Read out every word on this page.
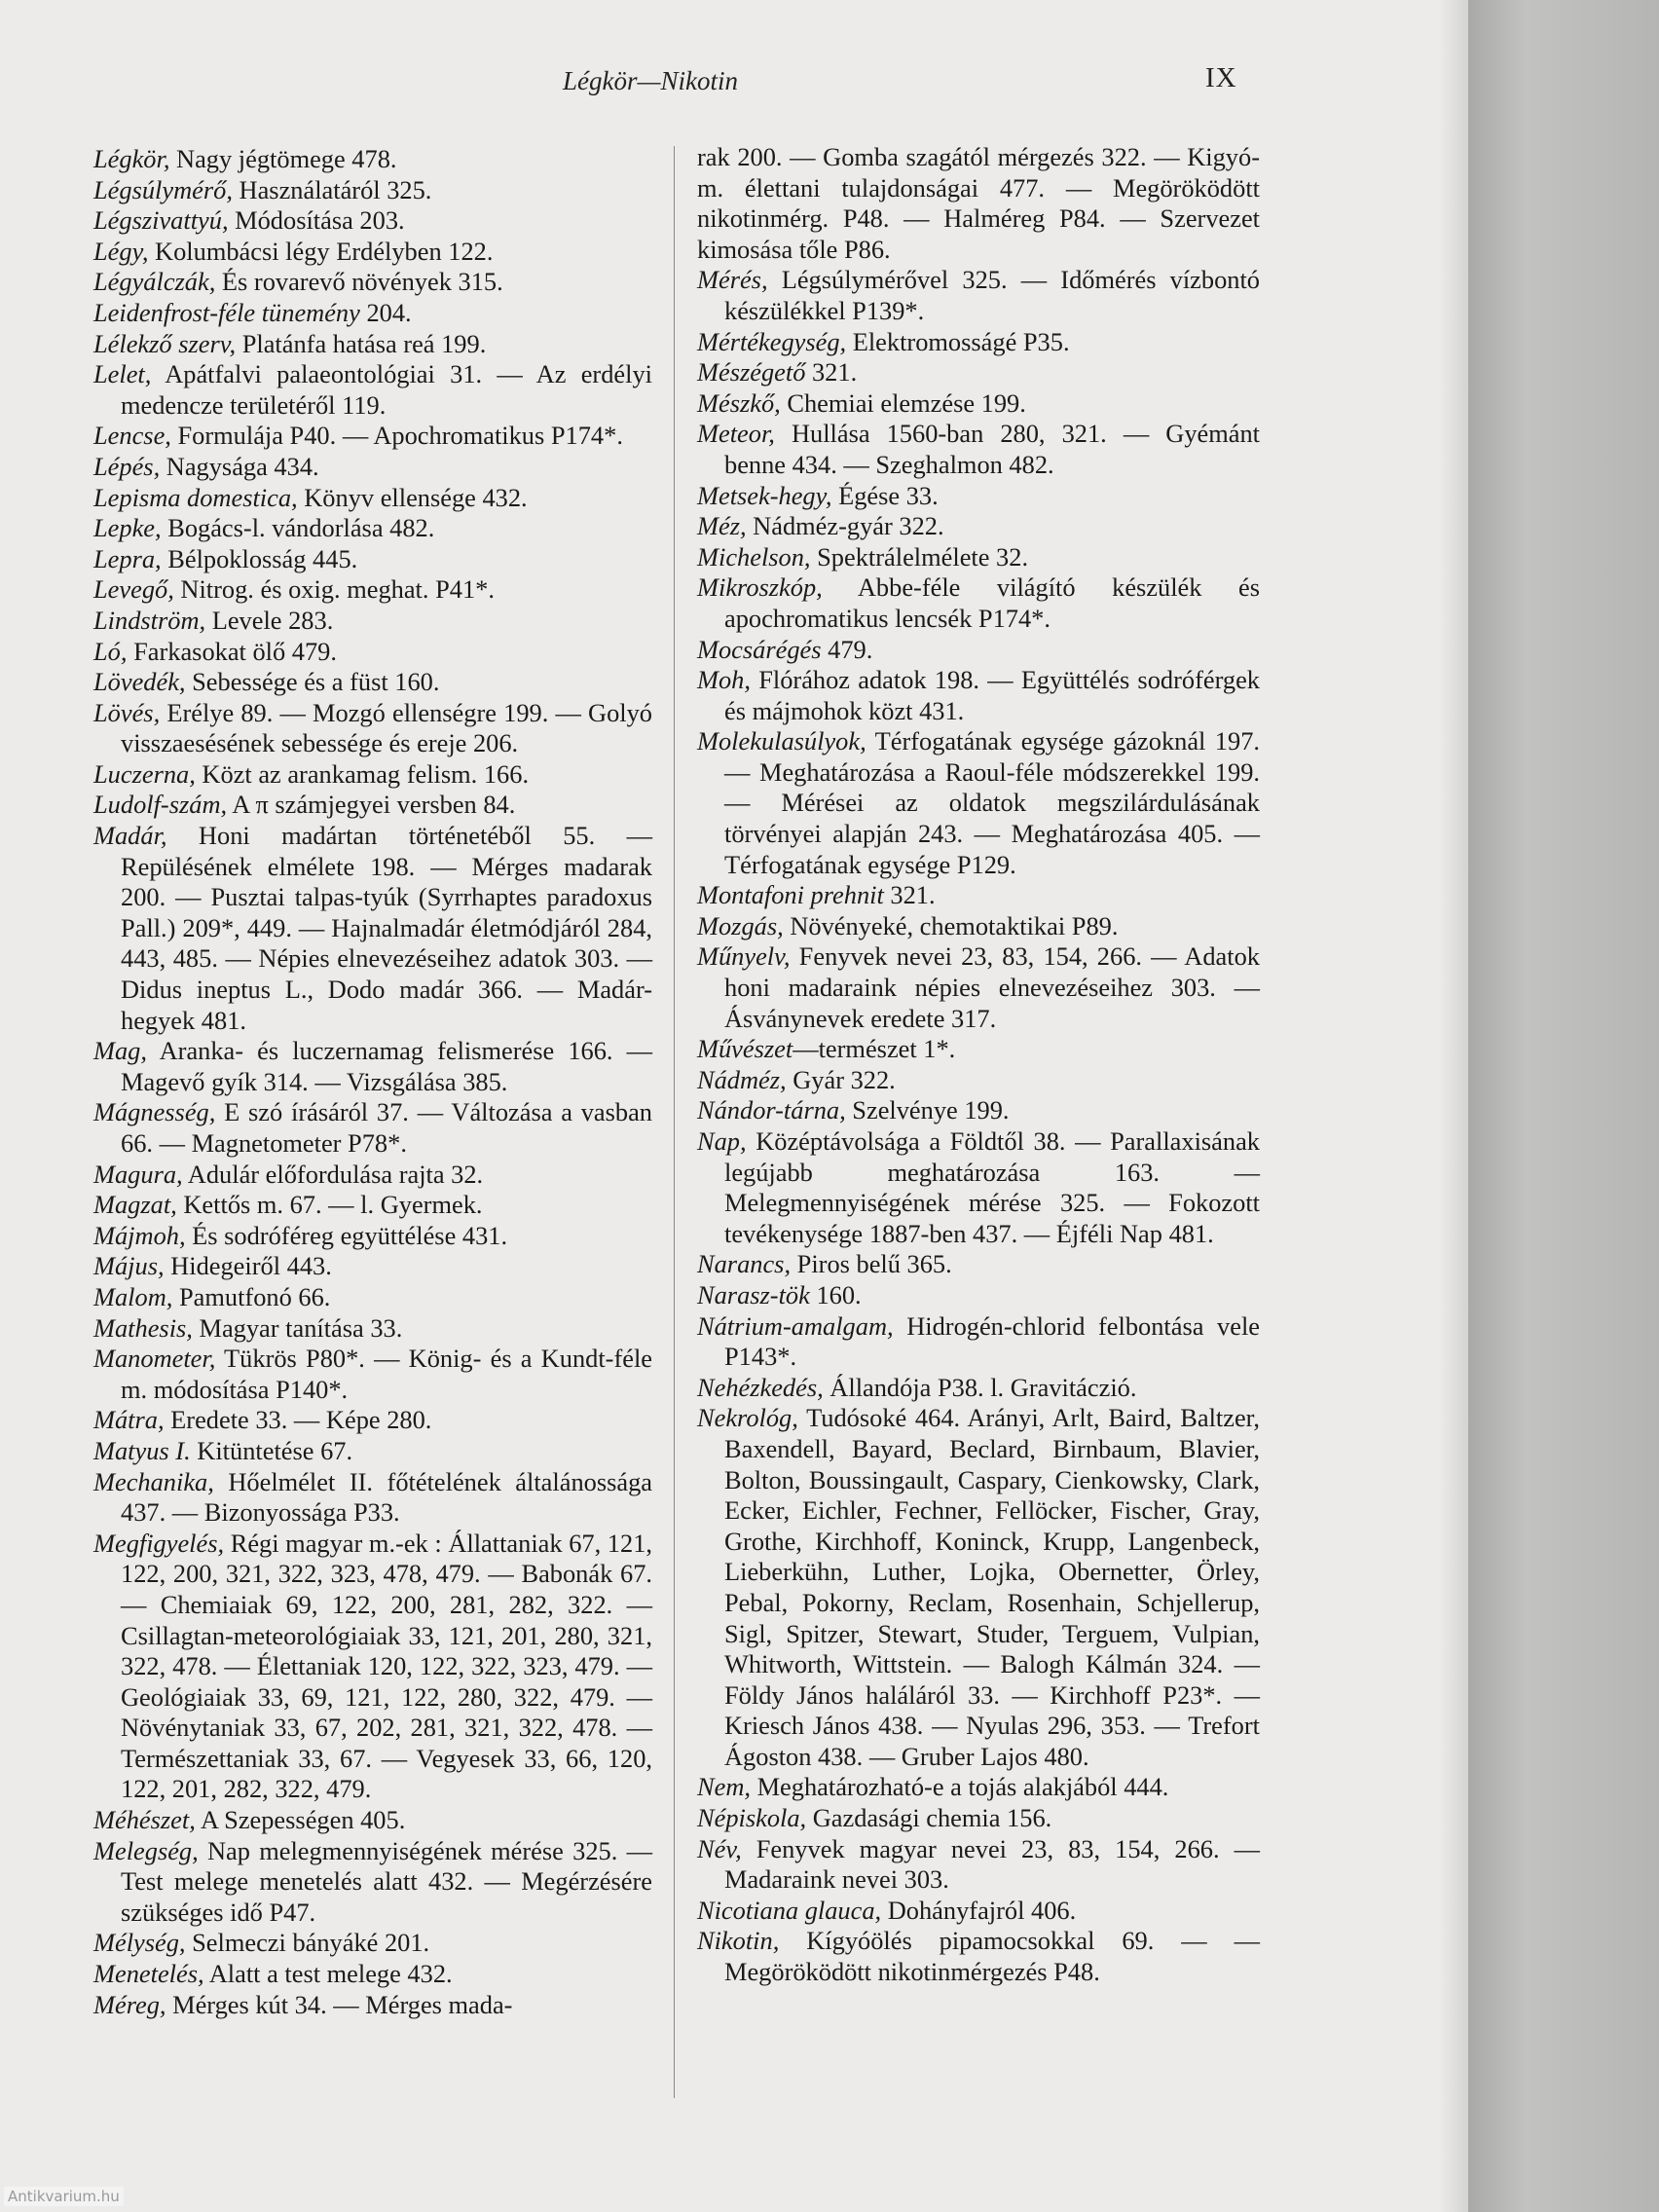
Légkör—Nikotin	IX
Légkör, Nagy jégtömege 478.
Légsúlymérő, Használatáról 325.
Légszivattyú, Módosítása 203.
Légy, Kolumbácsi légy Erdélyben 122.
Légyálczák, És rovarevő növények 315.
Leidenfrost-féle tünemény 204.
Lélekző szerv, Platánfa hatása reá 199.
Lelet, Apátfalvi palaeontológiai 31. — Az erdélyi medencze területéről 119.
Lencse, Formulája P40. — Apochromatikus P174*.
Lépés, Nagysága 434.
Lepisma domestica, Könyv ellensége 432.
Lepke, Bogács-l. vándorlása 482.
Lepra, Bélpoklosság 445.
Levegő, Nitrog. és oxig. meghat. P41*.
Lindström, Levele 283.
Ló, Farkasokat ölő 479.
Lövedék, Sebessége és a füst 160.
Lövés, Erélye 89. — Mozgó ellenségre 199. — Golyó visszaesésének sebessége és ereje 206.
Luczerna, Közt az arankamag felism. 166.
Ludolf-szám, A π számjegyei versben 84.
Madár, Honi madártan történetéből 55. — Repülésének elmélete 198. — Mérges madarak 200. — Pusztai talpas-tyúk (Syrrhaptes paradoxus Pall.) 209*, 449. — Hajnalmadár életmódjáról 284, 443, 485. — Népies elnevezéseihez adatok 303. — Didus ineptus L., Dodo madár 366. — Madár-hegyek 481.
Mag, Aranka- és luczernamag felismerése 166. — Magevő gyík 314. — Vizsgálása 385.
Mágnesség, E szó írásáról 37. — Változása a vasban 66. — Magnetometer P78*.
Magura, Adulár előfordulása rajta 32.
Magzat, Kettős m. 67. — l. Gyermek.
Májmoh, És sodróféreg együttélése 431.
Május, Hidegeiről 443.
Malom, Pamutfonó 66.
Mathesis, Magyar tanítása 33.
Manometer, Tükrös P80*. — König- és a Kundt-féle m. módosítása P140*.
Mátra, Eredete 33. — Képe 280.
Matyus I. Kitüntetése 67.
Mechanika, Hőelmélet II. főtételének általánossága 437. — Bizonyossága P33.
Megfigyelés, Régi magyar m.-ek : Állattaniak 67, 121, 122, 200, 321, 322, 323, 478, 479. — Babonák 67. — Chemiaiak 69, 122, 200, 281, 282, 322. — Csillagtan-meteorológiaiak 33, 121, 201, 280, 321, 322, 478. — Élettaniak 120, 122, 322, 323, 479. — Geológiaiak 33, 69, 121, 122, 280, 322, 479. — Növénytaniak 33, 67, 202, 281, 321, 322, 478. — Természettaniak 33, 67. — Vegyesek 33, 66, 120, 122, 201, 282, 322, 479.
Méhészet, A Szepességen 405.
Melegség, Nap melegmennyiségének mérése 325. — Test melege menetelés alatt 432. — Megérzésére szükséges idő P47.
Mélység, Selmeczi bányáké 201.
Menetelés, Alatt a test melege 432.
Méreg, Mérges kút 34. — Mérges mada-
rak 200. — Gomba szagától mérgezés 322. — Kigyó-m. élettani tulajdonságai 477. — Megöröködött nikotinmérg. P48. — Halméreg P84. — Szervezet kimosása tőle P86.
Mérés, Légsúlymérővel 325. — Időmérés vízbontó készülékkel P139*.
Mértékegység, Elektromosságé P35.
Mészégető 321.
Mészkő, Chemiai elemzése 199.
Meteor, Hullása 1560-ban 280, 321. — Gyémánt benne 434. — Szeghalmon 482.
Metsek-hegy, Égése 33.
Méz, Nádméz-gyár 322.
Michelson, Spektrálelmélete 32.
Mikroszkóp, Abbe-féle világító készülék és apochromatikus lencsék P174*.
Mocsárégés 479.
Moh, Flórához adatok 198. — Együttélés sodróférgek és májmohok közt 431.
Molekulasúlyok, Térfogatának egysége gázoknál 197. — Meghatározása a Raoul-féle módszerekkel 199. — Mérései az oldatok megszilárdulásának törvényei alapján 243. — Meghatározása 405. — Térfogatának egysége P129.
Montafoni prehnit 321.
Mozgás, Növényeké, chemotaktikai P89.
Műnyelv, Fenyvek nevei 23, 83, 154, 266. — Adatok honi madaraink népies elnevezéseihez 303. — Ásványnevek eredete 317.
Művészet—természet 1*.
Nádméz, Gyár 322.
Nándor-tárna, Szelvénye 199.
Nap, Középtávolsága a Földtől 38. — Parallaxisának legújabb meghatározása 163. — Melegmennyiségének mérése 325. — Fokozott tevékenysége 1887-ben 437. — Éjféli Nap 481.
Narancs, Piros belű 365.
Narasz-tök 160.
Nátrium-amalgam, Hidrogén-chlorid felbontása vele P143*.
Nehézkedés, Állandója P38. l. Gravitáczió.
Nekrológ, Tudósoké 464. Arányi, Arlt, Baird, Baltzer, Baxendell, Bayard, Beclard, Birnbaum, Blavier, Bolton, Boussingault, Caspary, Cienkowsky, Clark, Ecker, Eichler, Fechner, Fellöcker, Fischer, Gray, Grothe, Kirchhoff, Koninck, Krupp, Langenbeck, Lieberkühn, Luther, Lojka, Obernetter, Örley, Pebal, Pokorny, Reclam, Rosenhain, Schjellerup, Sigl, Spitzer, Stewart, Studer, Terguem, Vulpian, Whitworth, Wittstein. — Balogh Kálmán 324. — Földy János haláláról 33. — Kirchhoff P23*. — Kriesch János 438. — Nyulas 296, 353. — Trefort Ágoston 438. — Gruber Lajos 480.
Nem, Meghatározható-e a tojás alakjából 444.
Népiskola, Gazdasági chemia 156.
Név, Fenyvek magyar nevei 23, 83, 154, 266. — Madaraink nevei 303.
Nicotiana glauca, Dohányfajról 406.
Nikotin, Kígyóölés pipamocsokkal 69. — — Megöröködött nikotinmérgezés P48.
Antikvarium.hu
